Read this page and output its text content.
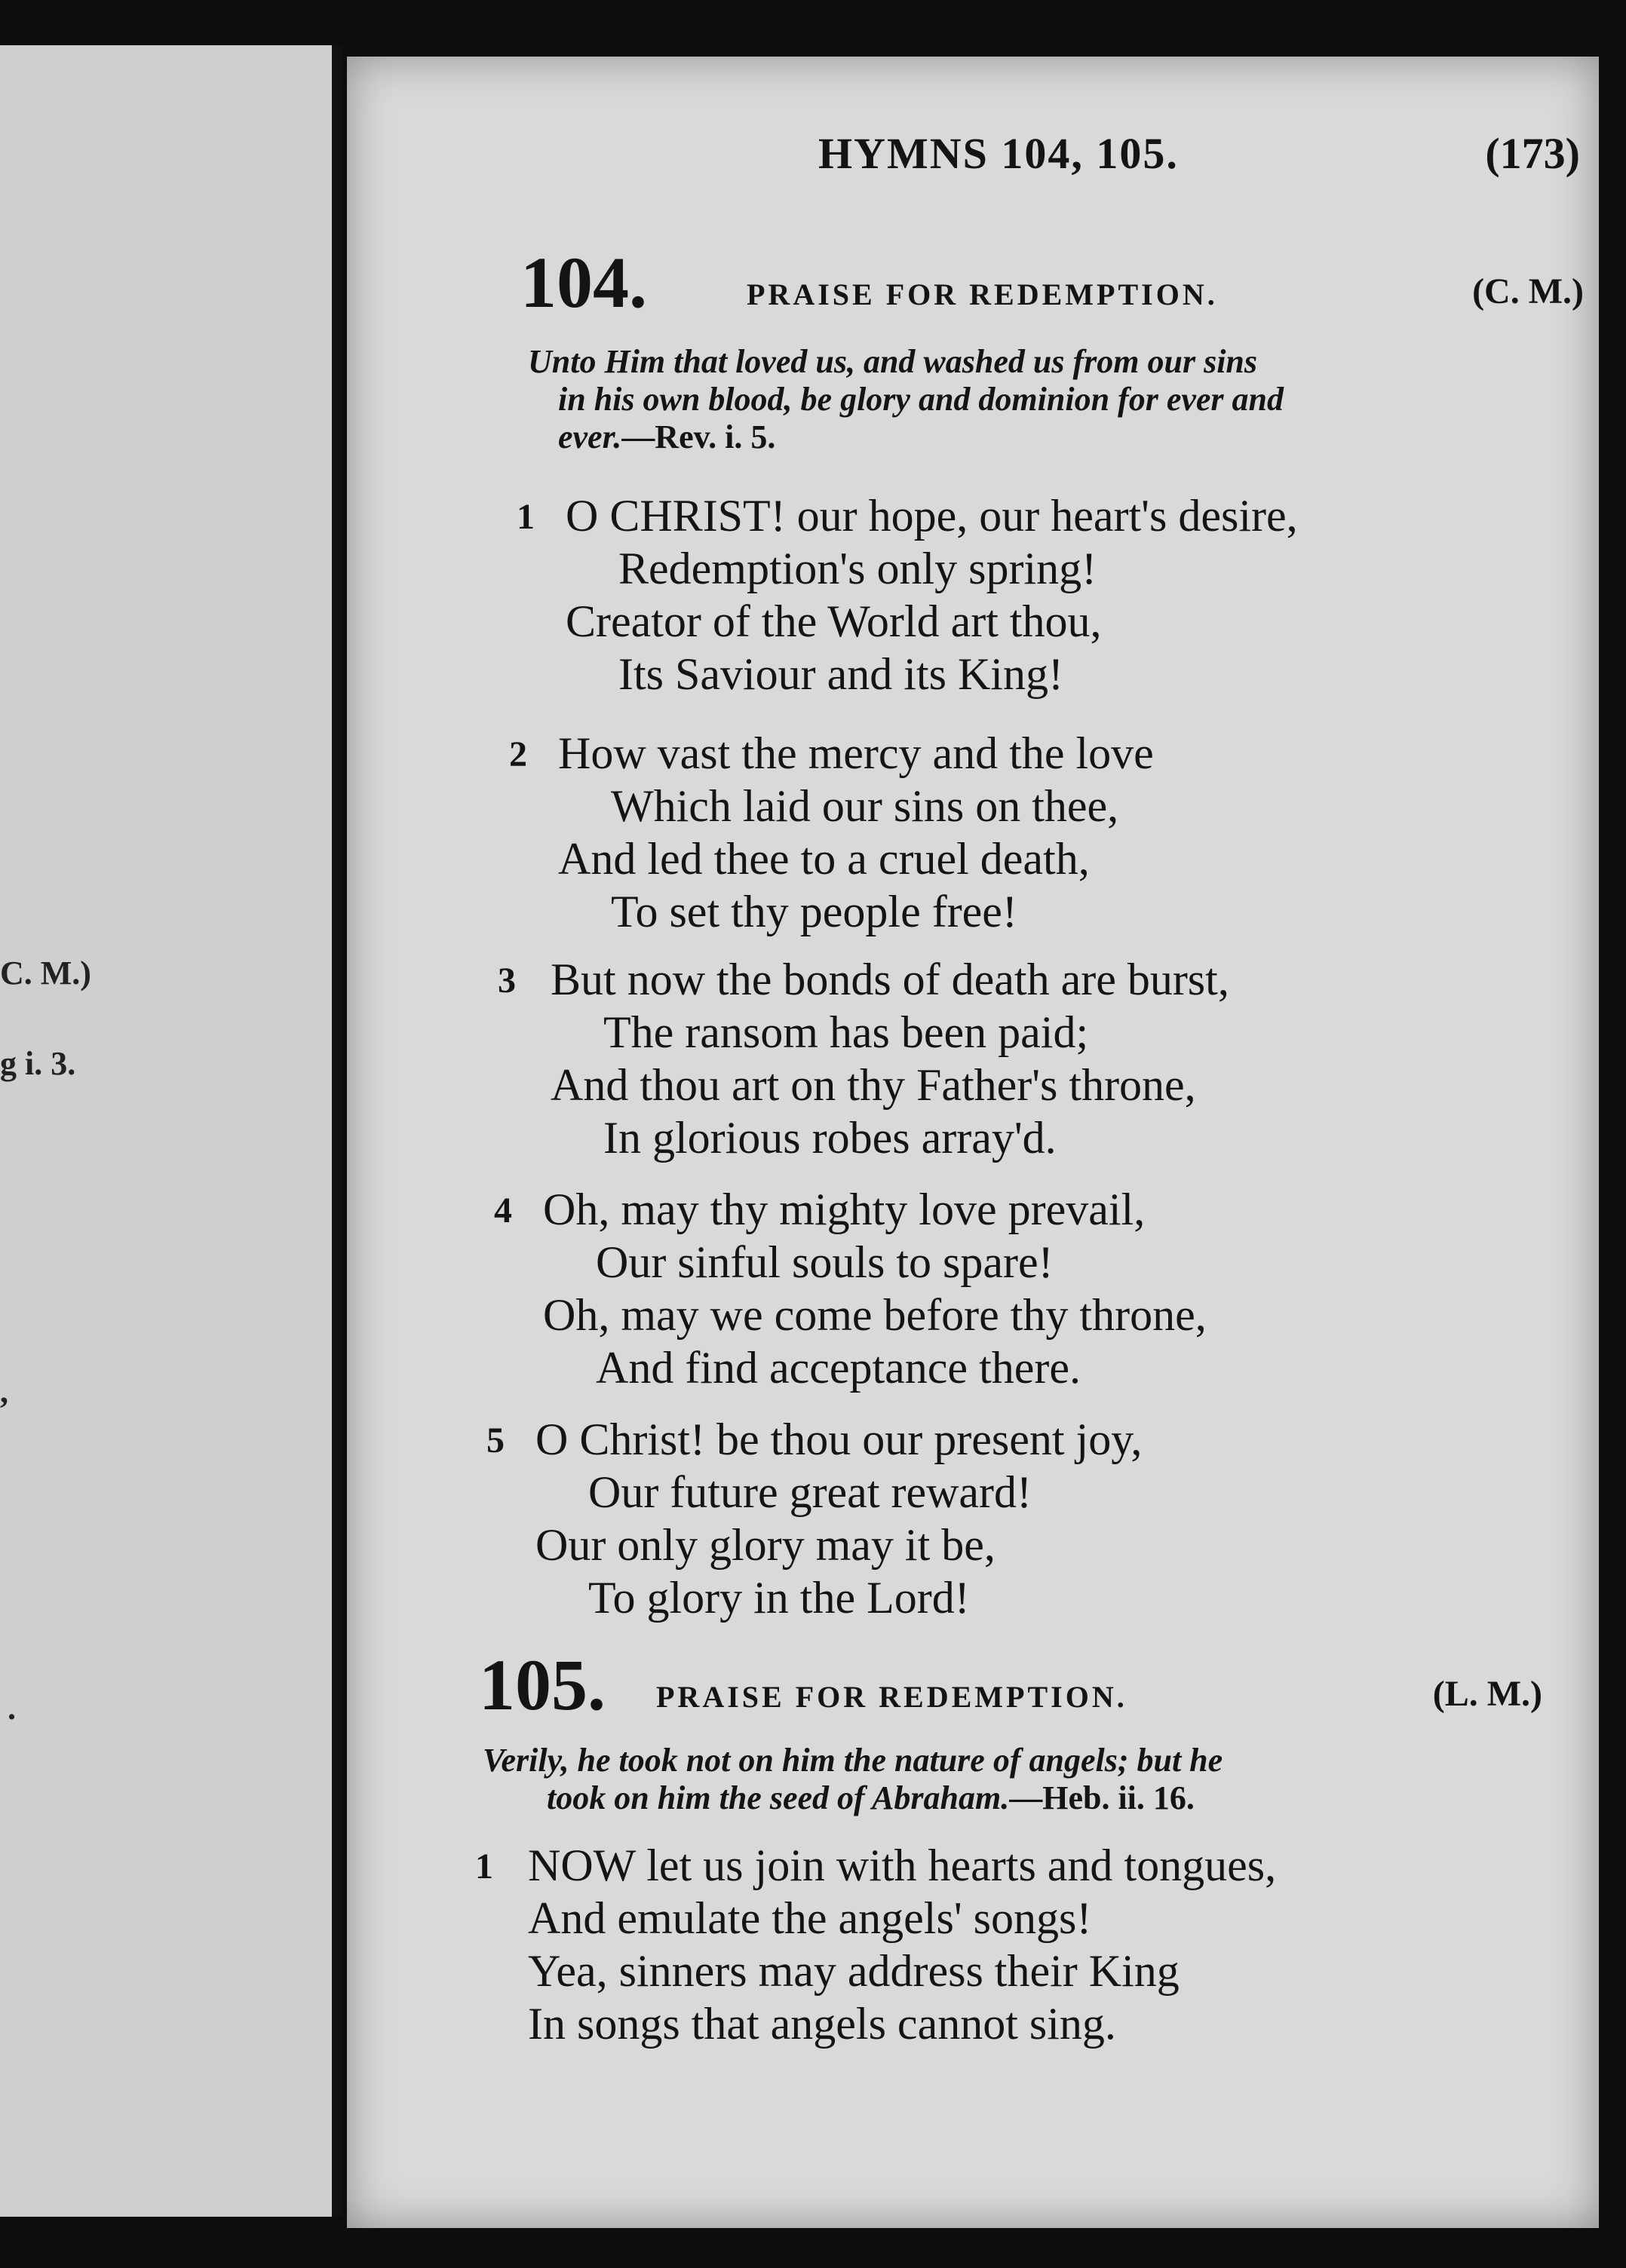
C. M.)
g i. 3.
,
.
HYMNS 104, 105.	(173)
104.	PRAISE FOR REDEMPTION.	(C. M.)
Unto Him that loved us, and washed us from our sins
in his own blood, be glory and dominion for ever and
ever.—Rev. i. 5.
1 O CHRIST! our hope, our heart's desire,
Redemption's only spring!
Creator of the World art thou,
Its Saviour and its King!
2 How vast the mercy and the love
Which laid our sins on thee,
And led thee to a cruel death,
To set thy people free!
3 But now the bonds of death are burst,
The ransom has been paid;
And thou art on thy Father's throne,
In glorious robes array'd.
4 Oh, may thy mighty love prevail,
Our sinful souls to spare!
Oh, may we come before thy throne,
And find acceptance there.
5 O Christ! be thou our present joy,
Our future great reward!
Our only glory may it be,
To glory in the Lord!
105. PRAISE FOR REDEMPTION.	(L. M.)
Verily, he took not on him the nature of angels; but he
took on him the seed of Abraham.—Heb. ii. 16.
1 NOW let us join with hearts and tongues,
And emulate the angels' songs!
Yea, sinners may address their King
In songs that angels cannot sing.
